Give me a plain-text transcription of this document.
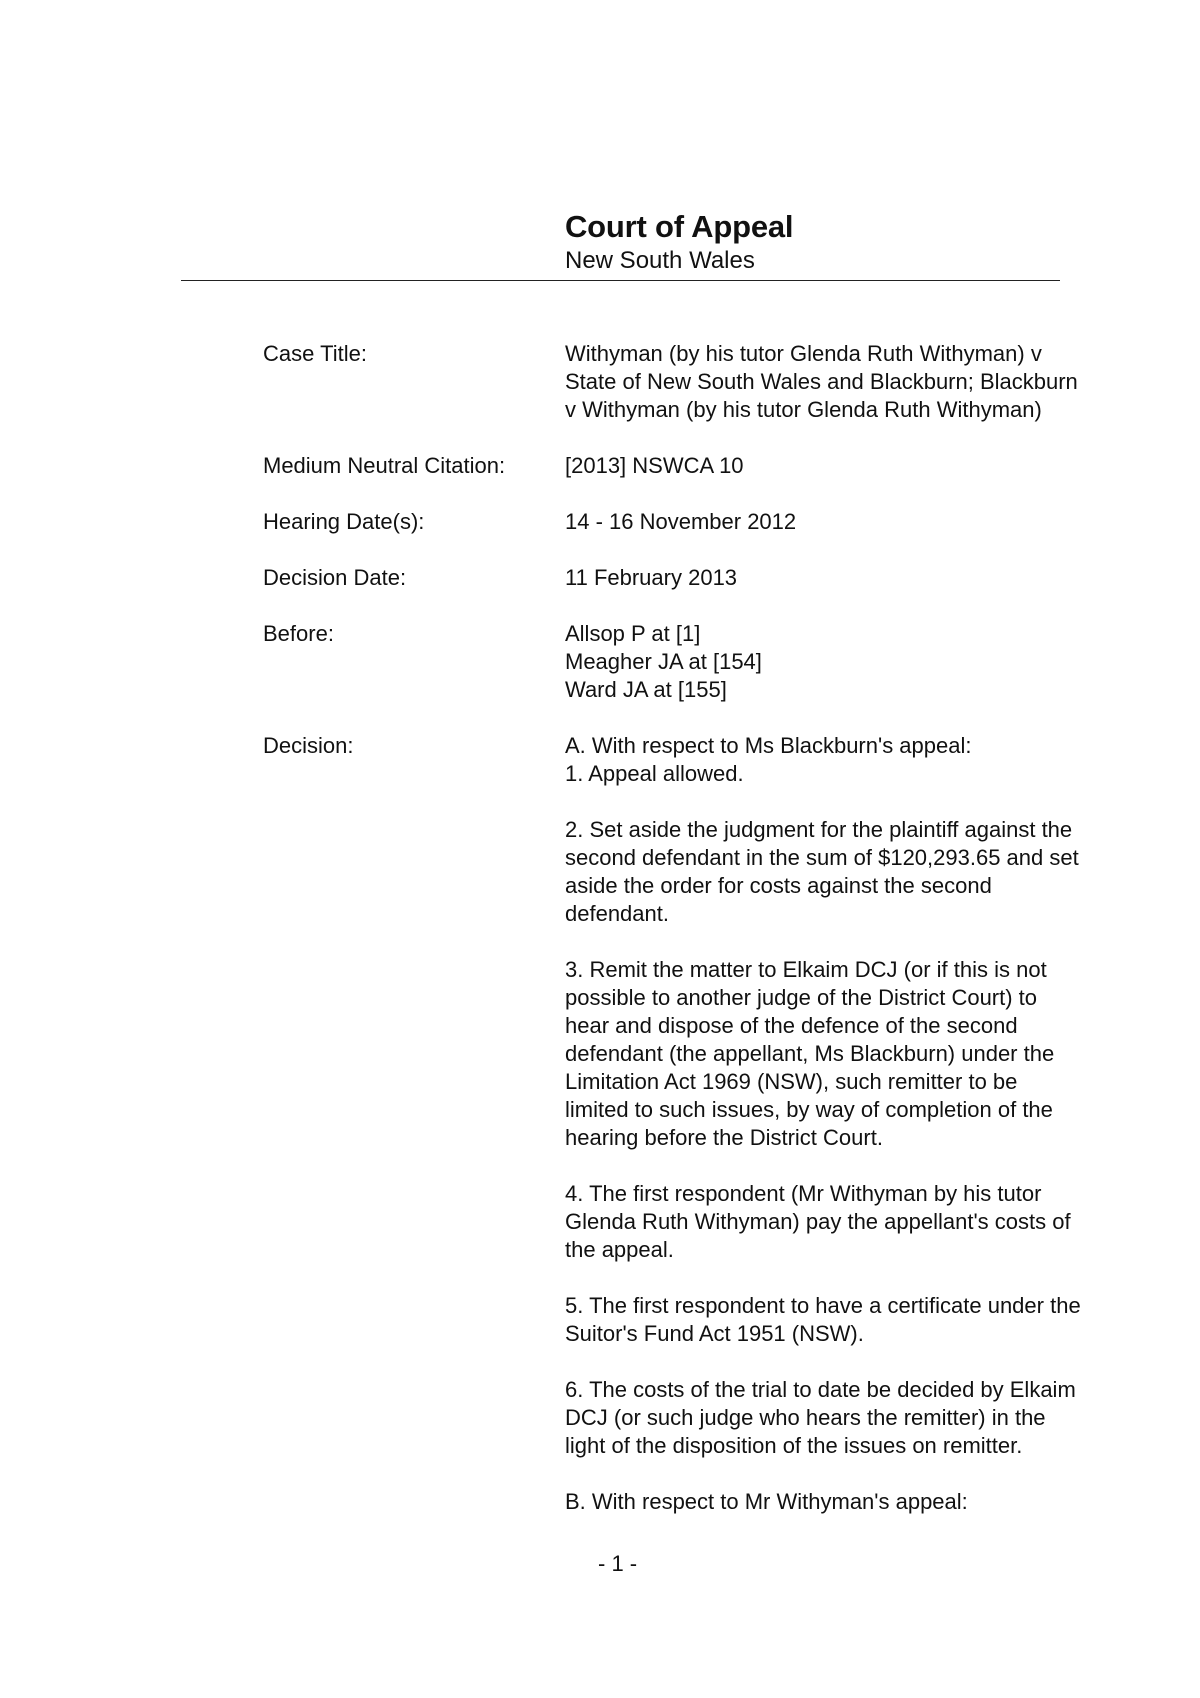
Court of Appeal

New South Wales

Case Title:	Withyman (by his tutor Glenda Ruth Withyman) v

State of New South Wales and Blackburn; Blackburn

v Withyman (by his tutor Glenda Ruth Withyman)

Medium Neutral Citation:	[2013] NSWCA 10
Hearing Date(s):	14 - 16 November 2012
Decision Date:	11 February 2013
Before:	Allsop P at [1]

Meagher JA at [154]

Ward JA at [155]

Decision:	A. With respect to Ms Blackburn's appeal:

1. Appeal allowed.

2. Set aside the judgment for the plaintiff against the

second defendant in the sum of $120,293.65 and set

aside the order for costs against the second

defendant.

3. Remit the matter to Elkaim DCJ (or if this is not

possible to another judge of the District Court) to

hear and dispose of the defence of the second

defendant (the appellant, Ms Blackburn) under the

Limitation Act 1969 (NSW), such remitter to be

limited to such issues, by way of completion of the

hearing before the District Court.

4. The first respondent (Mr Withyman by his tutor

Glenda Ruth Withyman) pay the appellant's costs of

the appeal.

5. The first respondent to have a certificate under the

Suitor's Fund Act 1951 (NSW).

6. The costs of the trial to date be decided by Elkaim

DCJ (or such judge who hears the remitter) in the

light of the disposition of the issues on remitter.

B. With respect to Mr Withyman's appeal:

- 1 -
